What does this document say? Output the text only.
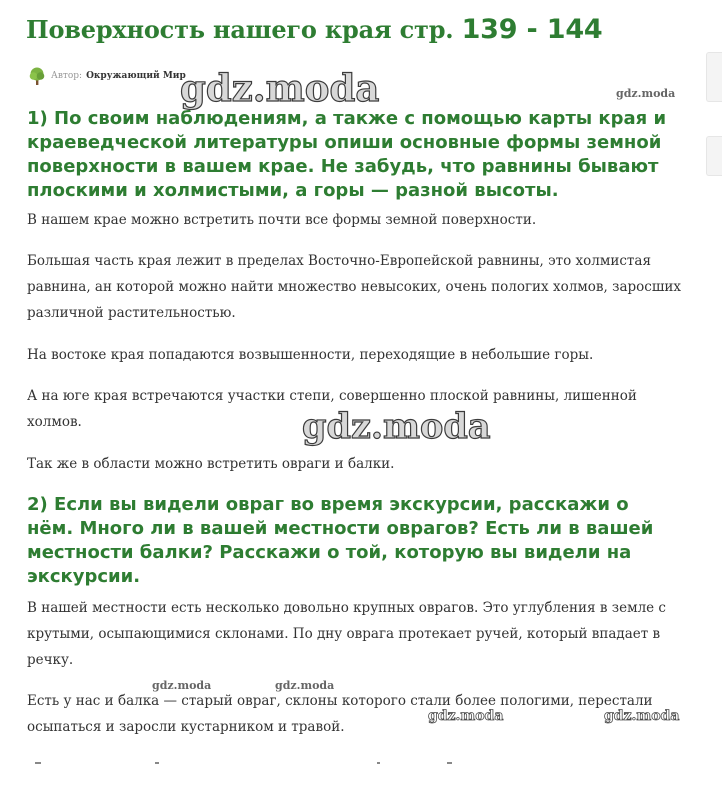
Поверхность нашего края стр. 139 - 144
Автор: Окружающий Мир
gdz.moda	gdz.moda
1) По своим наблюдениям, а также с помощью карты края и краеведческой литературы опиши основные формы земной поверхности в вашем крае. Не забудь, что равнины бывают плоскими и холмистыми, а горы — разной высоты.

В нашем крае можно встретить почти все формы земной поверхности.

Большая часть края лежит в пределах Восточно-Европейской равнины, это холмистая равнина, ан которой можно найти множество невысоких, очень пологих холмов, заросших различной растительностью.

На востоке края попадаются возвышенности, переходящие в небольшие горы.

А на юге края встречаются участки степи, совершенно плоской равнины, лишенной холмов.	gdz.moda

Так же в области можно встретить овраги и балки.

2) Если вы видели овраг во время экскурсии, расскажи о нём. Много ли в вашей местности оврагов? Есть ли в вашей местности балки? Расскажи о той, которую вы видели на экскурсии.

В нашей местности есть несколько довольно крупных оврагов. Это углубления в земле с крутыми, осыпающимися склонами. По дну оврага протекает ручей, который впадает в речку.

Есть у нас и балка — старый овраг, склоны которого стали более пологими, перестали осыпаться и заросли кустарником и травой.

gdz.moda	gdz.moda
gdz.moda	gdz.moda
